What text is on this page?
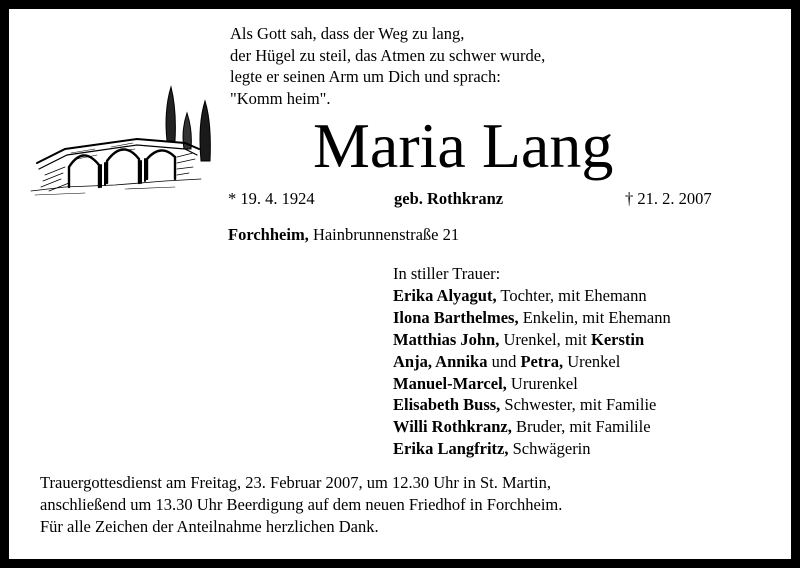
Als Gott sah, dass der Weg zu lang,
der Hügel zu steil, das Atmen zu schwer wurde,
legte er seinen Arm um Dich und sprach:
"Komm heim".
Maria Lang
* 19. 4. 1924	geb. Rothkranz	† 21. 2. 2007
Forchheim, Hainbrunnenstraße 21
In stiller Trauer:
Erika Alyagut, Tochter, mit Ehemann
Ilona Barthelmes, Enkelin, mit Ehemann
Matthias John, Urenkel, mit Kerstin
Anja, Annika und Petra, Urenkel
Manuel-Marcel, Ururenkel
Elisabeth Buss, Schwester, mit Familie
Willi Rothkranz, Bruder, mit Familile
Erika Langfritz, Schwägerin
Trauergottesdienst am Freitag, 23. Februar 2007, um 12.30 Uhr in St. Martin,
anschließend um 13.30 Uhr Beerdigung auf dem neuen Friedhof in Forchheim.
Für alle Zeichen der Anteilnahme herzlichen Dank.
